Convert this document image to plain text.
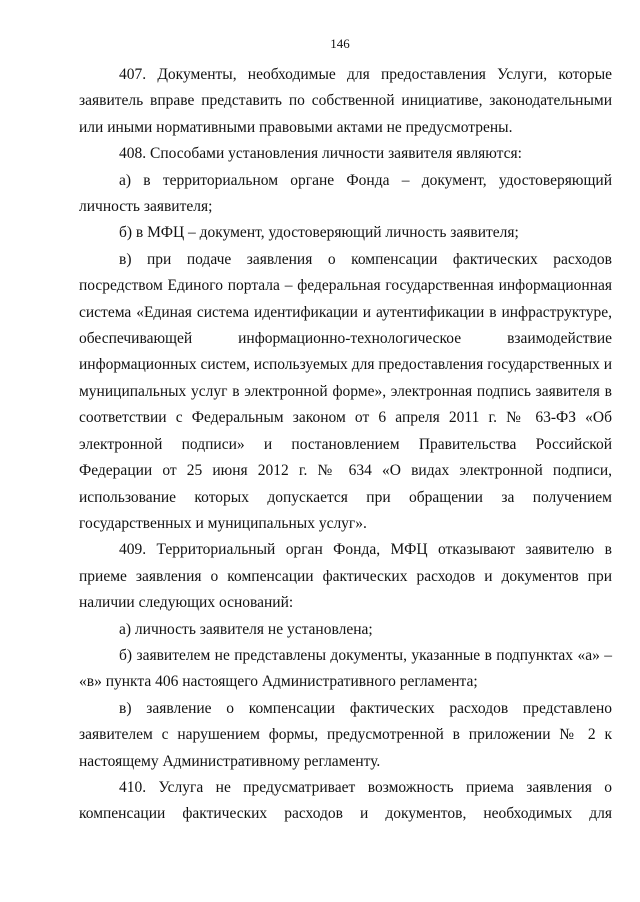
146

407. Документы, необходимые для предоставления Услуги, которые заявитель вправе представить по собственной инициативе, законодательными или иными нормативными правовыми актами не предусмотрены.

408. Способами установления личности заявителя являются:

а) в территориальном органе Фонда – документ, удостоверяющий личность заявителя;

б) в МФЦ – документ, удостоверяющий личность заявителя;

в) при подаче заявления о компенсации фактических расходов посредством Единого портала – федеральная государственная информационная система «Единая система идентификации и аутентификации в инфраструктуре, обеспечивающей информационно-технологическое взаимодействие информационных систем, используемых для предоставления государственных и муниципальных услуг в электронной форме», электронная подпись заявителя в соответствии с Федеральным законом от 6 апреля 2011 г. № 63-ФЗ «Об электронной подписи» и постановлением Правительства Российской Федерации от 25 июня 2012 г. № 634 «О видах электронной подписи, использование которых допускается при обращении за получением государственных и муниципальных услуг».

409. Территориальный орган Фонда, МФЦ отказывают заявителю в приеме заявления о компенсации фактических расходов и документов при наличии следующих оснований:

а) личность заявителя не установлена;

б) заявителем не представлены документы, указанные в подпунктах «а» – «в» пункта 406 настоящего Административного регламента;

в) заявление о компенсации фактических расходов представлено заявителем с нарушением формы, предусмотренной в приложении № 2 к настоящему Административному регламенту.

410. Услуга не предусматривает возможность приема заявления о компенсации фактических расходов и документов, необходимых для
